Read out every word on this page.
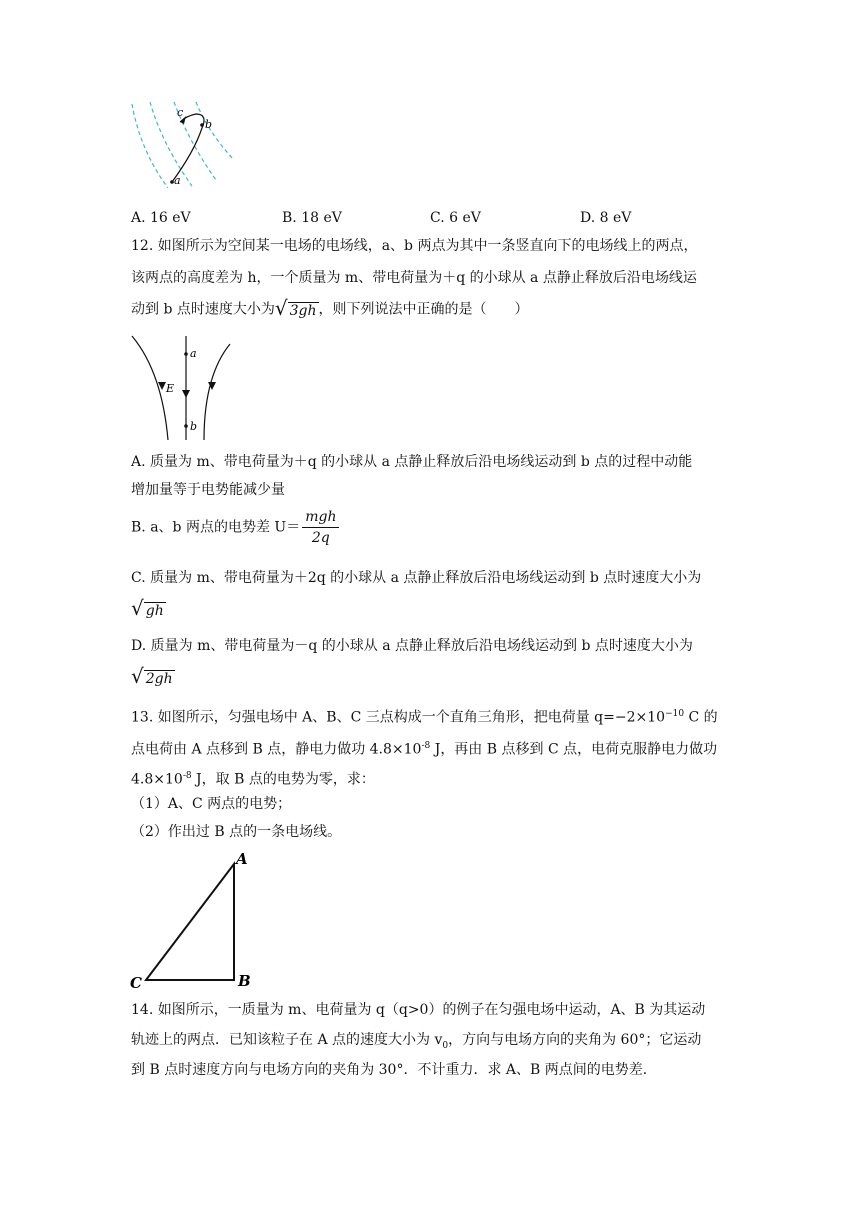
c
b
a
A. 16 eV	B. 18 eV	C. 6 eV	D. 8 eV
12. 如图所示为空间某一电场的电场线，a、b 两点为其中一条竖直向下的电场线上的两点，
该两点的高度差为 h，一个质量为 m、带电荷量为＋q 的小球从 a 点静止释放后沿电场线运
动到 b 点时速度大小为√ 3gh ，则下列说法中正确的是（　　）
a
E
b
A. 质量为 m、带电荷量为＋q 的小球从 a 点静止释放后沿电场线运动到 b 点的过程中动能
增加量等于电势能减少量
B. a、b 两点的电势差 $U= \frac{\text{mgh}}{2q}$
C. 质量为 m、带电荷量为＋2q 的小球从 a 点静止释放后沿电场线运动到 b 点时速度大小为
√ gh
D. 质量为 m、带电荷量为－q 的小球从 a 点静止释放后沿电场线运动到 b 点时速度大小为
√ 2gh
13. 如图所示，匀强电场中 A、B、C 三点构成一个直角三角形，把电荷量 $q=-2\times 10^{-10}$ C 的
点电荷由 A 点移到 B 点，静电力做功 $4.8\times 10^{-8}$ J，再由 B 点移到 C 点，电荷克服静电力做功
$4.8\times 10^{-8}$ J，取 B 点的电势为零，求：
（1）A、C 两点的电势；
（2）作出过 B 点的一条电场线。
A
B
C
14. 如图所示，一质量为 m、电荷量为 q（q>0）的例子在匀强电场中运动，A、B 为其运动
轨迹上的两点．已知该粒子在 A 点的速度大小为 $v_0$，方向与电场方向的夹角为 60°；它运动
到 B 点时速度方向与电场方向的夹角为 30°．不计重力．求 A、B 两点间的电势差．
